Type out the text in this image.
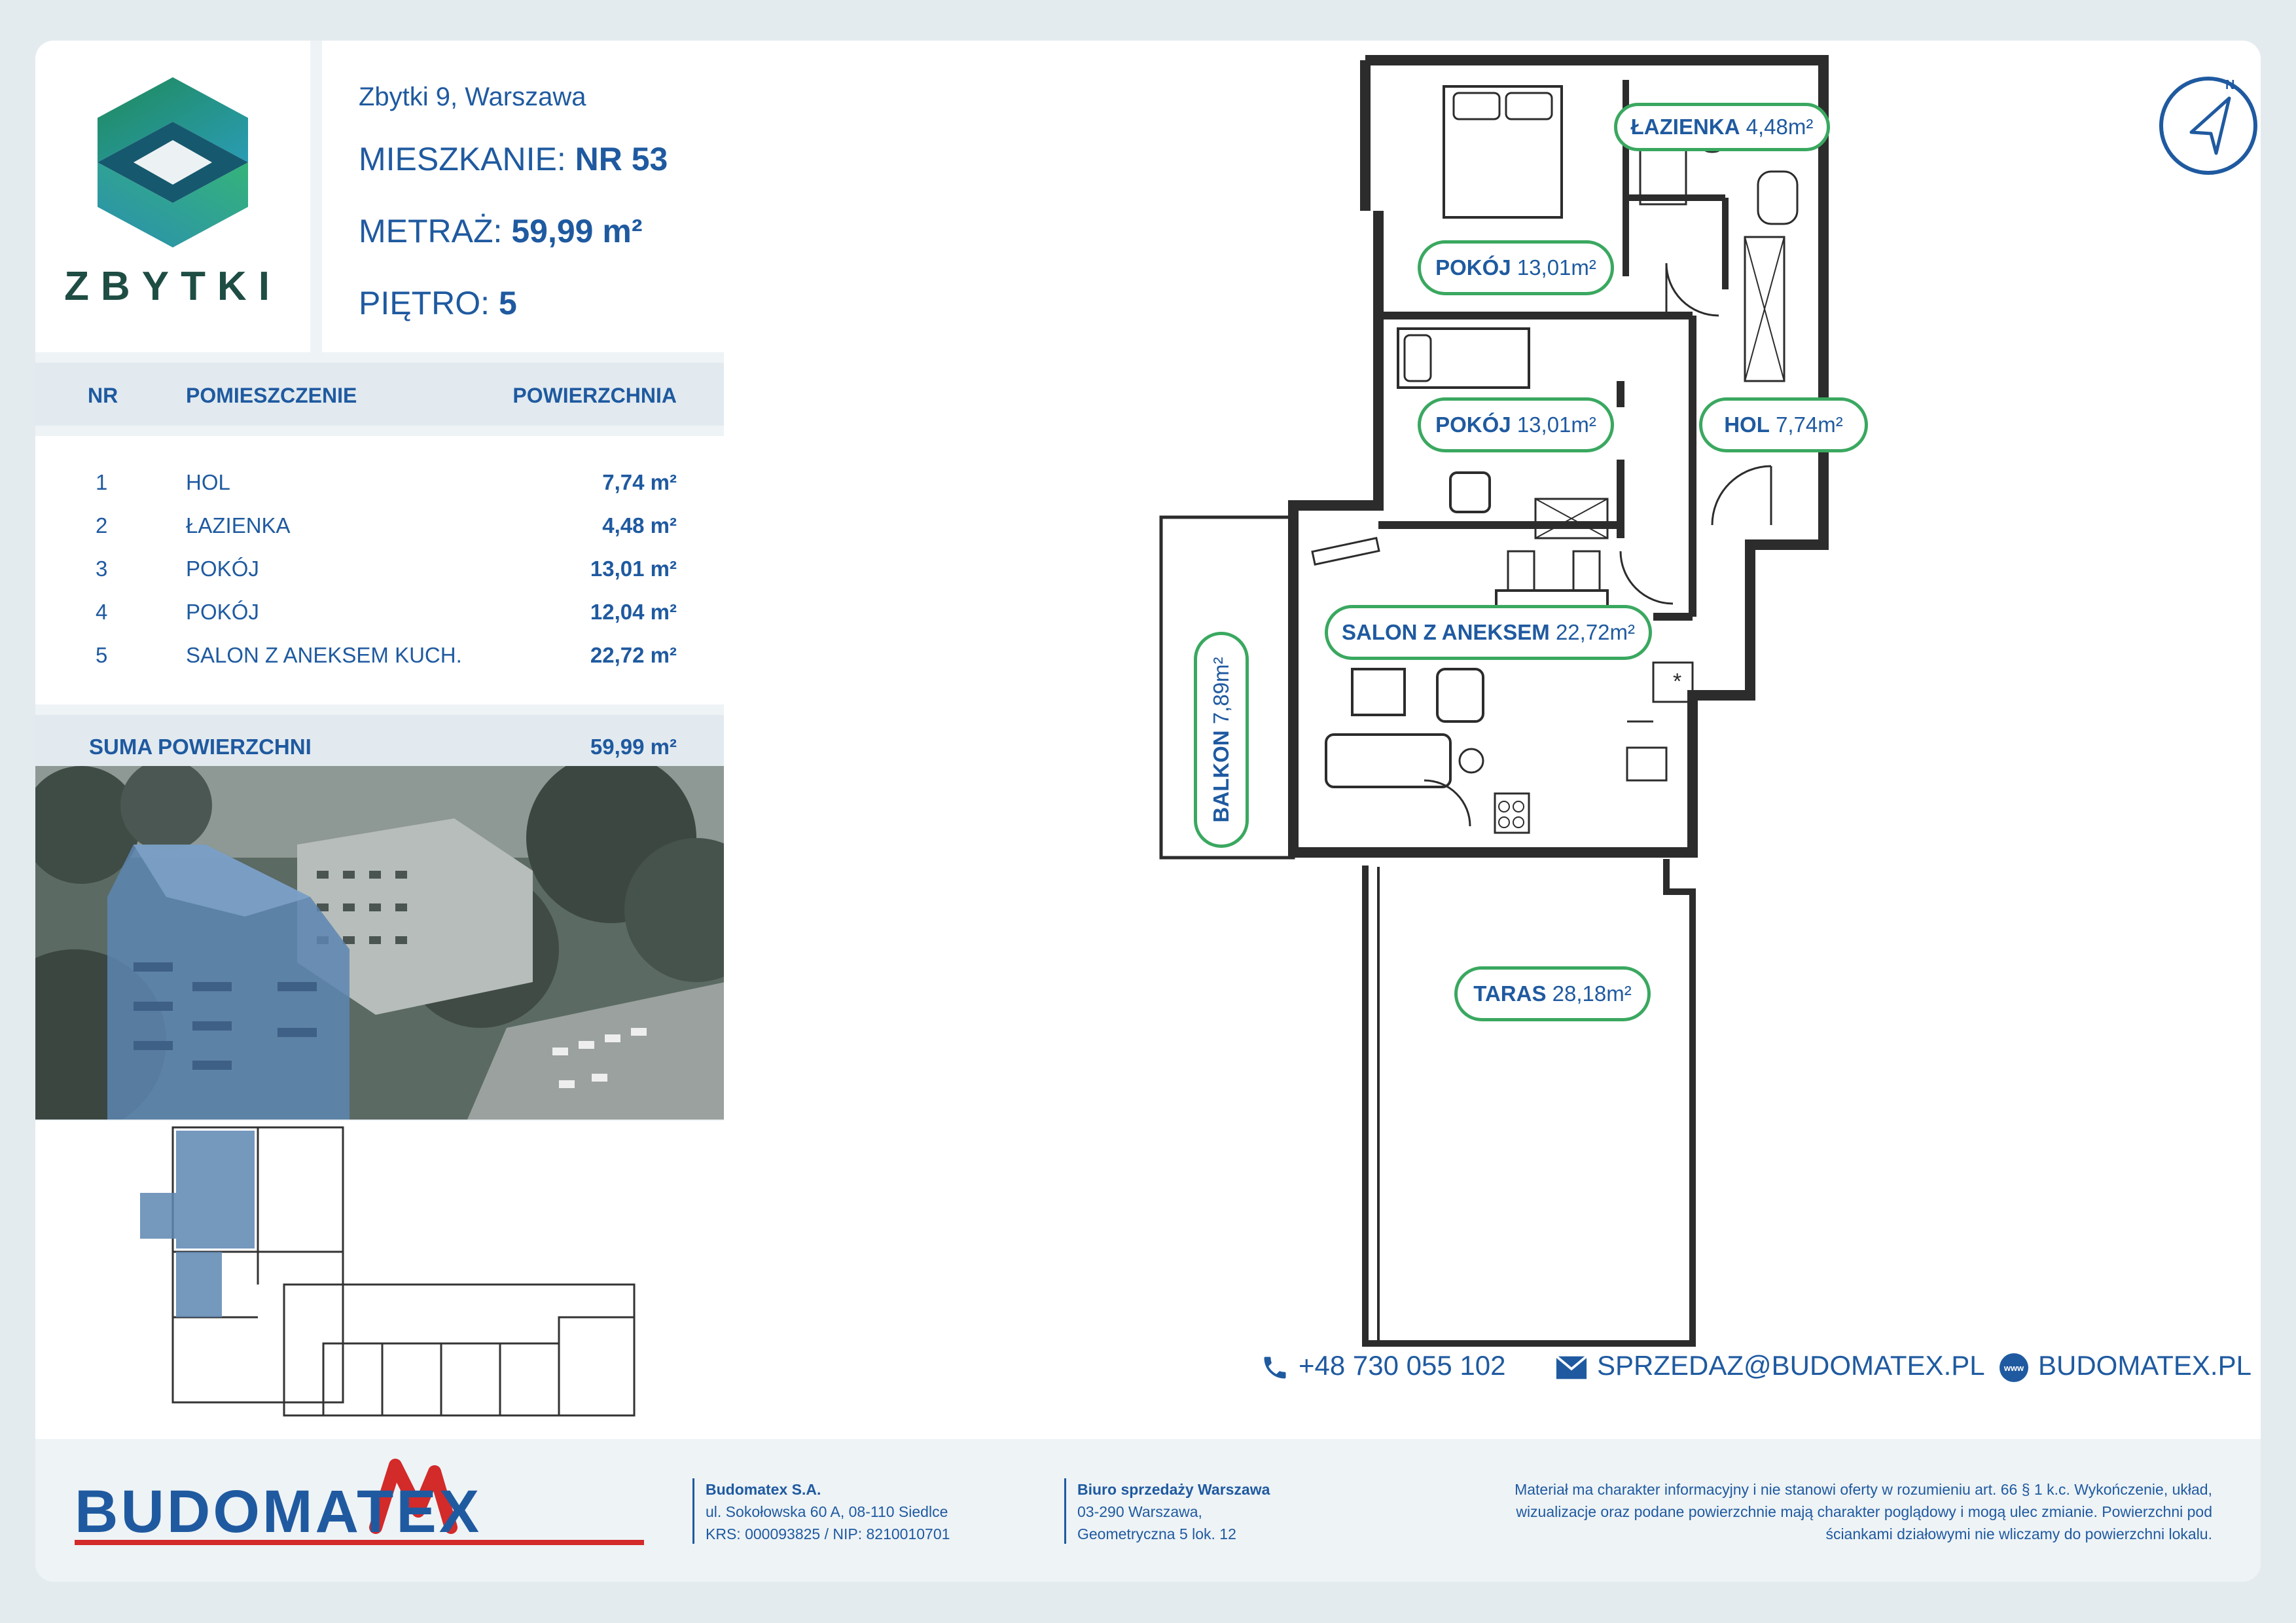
ZBYTKI
Zbytki 9, Warszawa
MIESZKANIE: NR 53
METRAŻ: 59,99 m²
PIĘTRO: 5
NR	POMIESZCZENIE	POWIERZCHNIA
1	HOL	7,74 m²
2	ŁAZIENKA	4,48 m²
3	POKÓJ	13,01 m²
4	POKÓJ	12,04 m²
5	SALON Z ANEKSEM KUCH.	22,72 m²
SUMA POWIERZCHNI	59,99 m²
*
ŁAZIENKA 4,48m²
POKÓJ 13,01m²
POKÓJ 13,01m²	HOL 7,74m²
SALON Z ANEKSEM 22,72m²
BALKON 7,89m²
TARAS 28,18m²
N
+48 730 055 102	SPRZEDAZ@BUDOMATEX.PL www BUDOMATEX.PL
BUDOMATEX	Budomatex S.A.
ul. Sokołowska 60 A, 08-110 Siedlce
KRS: 000093825 / NIP: 8210010701
Biuro sprzedaży Warszawa
03-290 Warszawa,
Geometryczna 5 lok. 12
Materiał ma charakter informacyjny i nie stanowi oferty w rozumieniu art. 66 § 1 k.c. Wykończenie, układ,
wizualizacje oraz podane powierzchnie mają charakter poglądowy i mogą ulec zmianie. Powierzchni pod
ściankami działowymi nie wliczamy do powierzchni lokalu.
